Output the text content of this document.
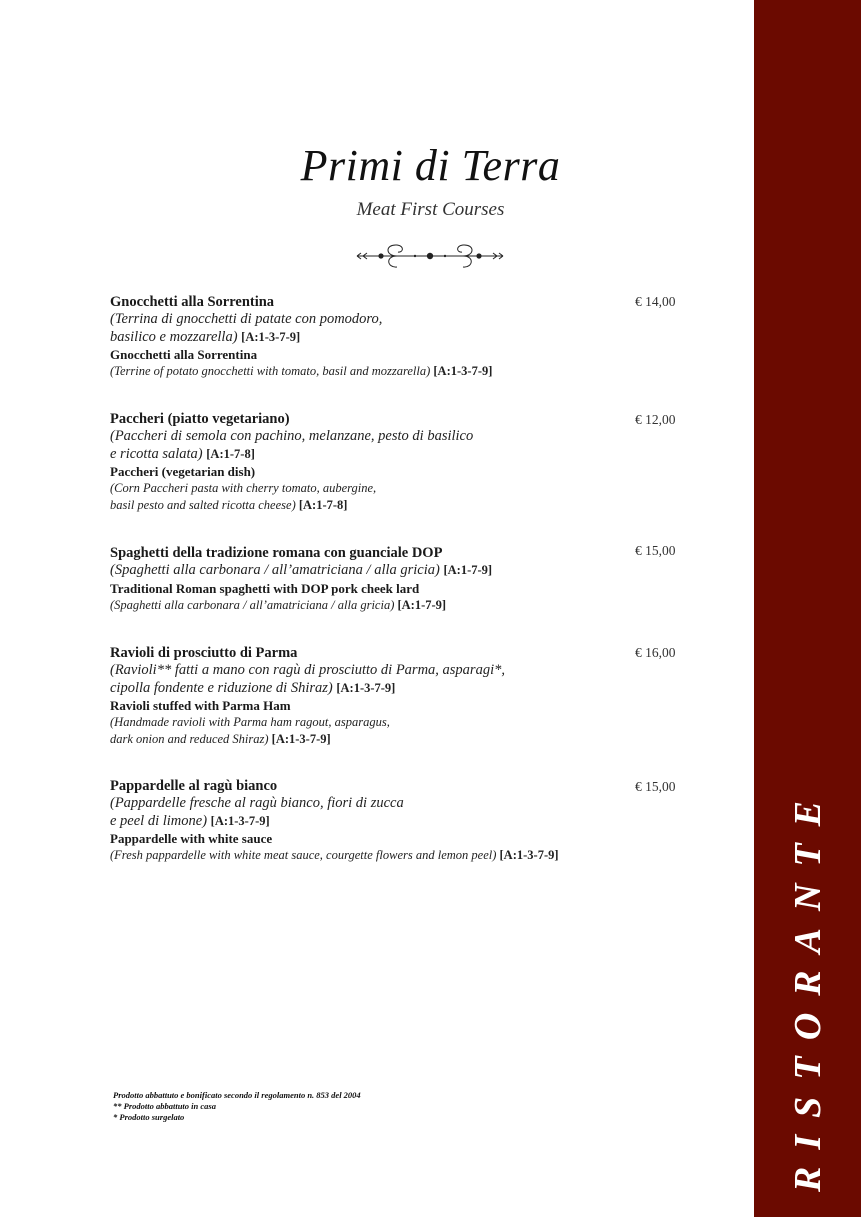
RISTORANTE
Primi di Terra
Meat First Courses
Gnocchetti alla Sorrentina
(Terrina di gnocchetti di patate con pomodoro,
basilico e mozzarella) [A:1-3-7-9]
Gnocchetti alla Sorrentina
(Terrine of potato gnocchetti with tomato, basil and mozzarella) [A:1-3-7-9]
€ 14,00
Paccheri (piatto vegetariano)
(Paccheri di semola con pachino, melanzane, pesto di basilico
e ricotta salata) [A:1-7-8]
Paccheri (vegetarian dish)
(Corn Paccheri pasta with cherry tomato, aubergine,
basil pesto and salted ricotta cheese) [A:1-7-8]
€ 12,00
Spaghetti della tradizione romana con guanciale DOP
(Spaghetti alla carbonara / all’amatriciana / alla gricia) [A:1-7-9]
Traditional Roman spaghetti with DOP pork cheek lard
(Spaghetti alla carbonara / all’amatriciana / alla gricia) [A:1-7-9]
€ 15,00
Ravioli di prosciutto di Parma
(Ravioli** fatti a mano con ragù di prosciutto di Parma, asparagi*,
cipolla fondente e riduzione di Shiraz) [A:1-3-7-9]
Ravioli stuffed with Parma Ham
(Handmade ravioli with Parma ham ragout, asparagus,
dark onion and reduced Shiraz) [A:1-3-7-9]
€ 16,00
Pappardelle al ragù bianco
(Pappardelle fresche al ragù bianco, fiori di zucca
e peel di limone) [A:1-3-7-9]
Pappardelle with white sauce
(Fresh pappardelle with white meat sauce, courgette flowers and lemon peel) [A:1-3-7-9]
€ 15,00
Prodotto abbattuto e bonificato secondo il regolamento n. 853 del 2004
** Prodotto abbattuto in casa
* Prodotto surgelato
